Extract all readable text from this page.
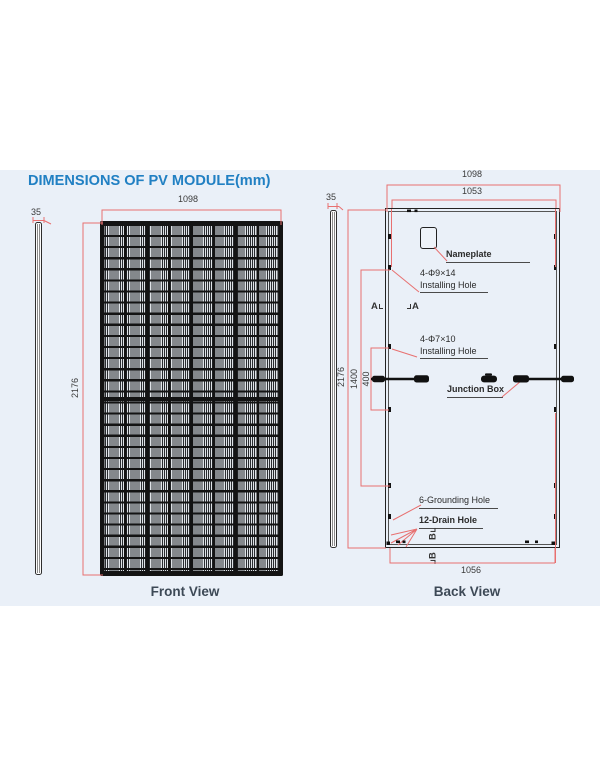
DIMENSIONS OF PV MODULE(mm)
35
1098
2176
Front View
35
1098
1053
2176 1400 400
1056
Nameplate
4-Φ9×14
Installing Hole
4-Φ7×10
Installing Hole
Junction Box
6-Grounding Hole
12-Drain Hole
A	A
B
B
Back View
